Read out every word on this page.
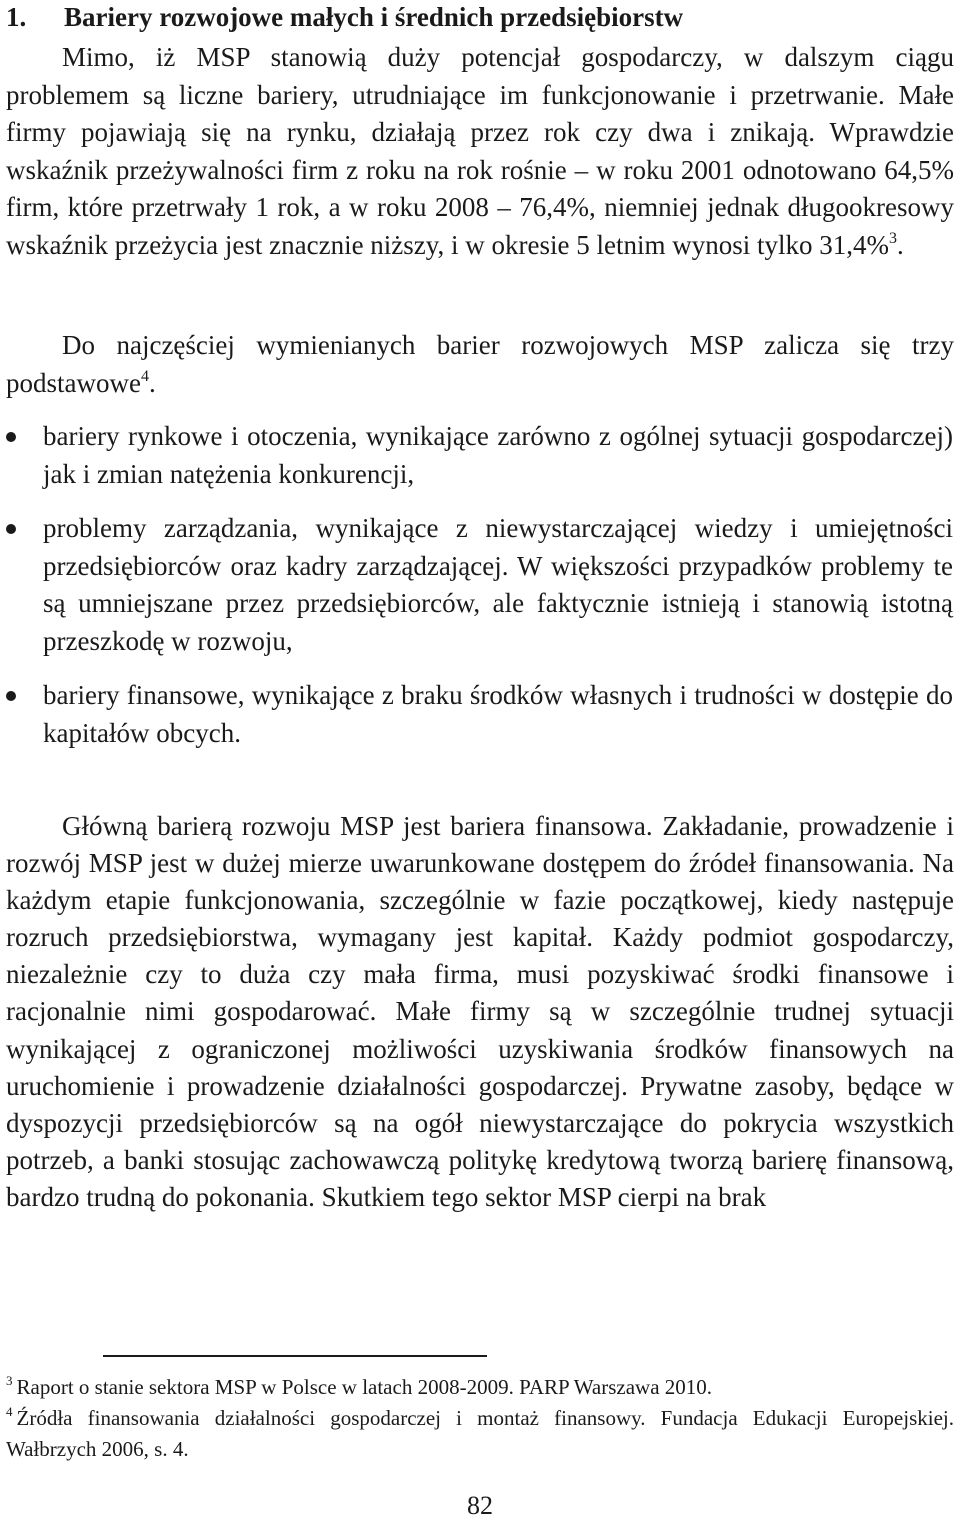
1. Bariery rozwojowe małych i średnich przedsiębiorstw

Mimo, iż MSP stanowią duży potencjał gospodarczy, w dalszym ciągu problemem są liczne bariery, utrudniające im funkcjonowanie i przetrwanie. Małe firmy pojawiają się na rynku, działają przez rok czy dwa i znikają. Wprawdzie wskaźnik przeżywalności firm z roku na rok rośnie – w roku 2001 odnotowano 64,5% firm, które przetrwały 1 rok, a w roku 2008 – 76,4%, niemniej jednak długookresowy wskaźnik przeżycia jest znacznie niższy, i w okresie 5 letnim wynosi tylko 31,4%$^3$.

Do najczęściej wymienianych barier rozwojowych MSP zalicza się trzy podstawowe$^4$.

bariery rynkowe i otoczenia, wynikające zarówno z ogólnej sytuacji gospodarczej) jak i zmian natężenia konkurencji,
problemy zarządzania, wynikające z niewystarczającej wiedzy i umiejętności przedsiębiorców oraz kadry zarządzającej. W większości przypadków problemy te są umniejszane przez przedsiębiorców, ale faktycznie istnieją i stanowią istotną przeszkodę w rozwoju,
bariery finansowe, wynikające z braku środków własnych i trudności w dostępie do kapitałów obcych.

Główną barierą rozwoju MSP jest bariera finansowa. Zakładanie, prowadzenie i rozwój MSP jest w dużej mierze uwarunkowane dostępem do źródeł finansowania. Na każdym etapie funkcjonowania, szczególnie w fazie początkowej, kiedy następuje rozruch przedsiębiorstwa, wymagany jest kapitał. Każdy podmiot gospodarczy, niezależnie czy to duża czy mała firma, musi pozyskiwać środki finansowe i racjonalnie nimi gospodarować. Małe firmy są w szczególnie trudnej sytuacji wynikającej z ograniczonej możliwości uzyskiwania środków finansowych na uruchomienie i prowadzenie działalności gospodarczej. Prywatne zasoby, będące w dyspozycji przedsiębiorców są na ogół niewystarczające do pokrycia wszystkich potrzeb, a banki stosując zachowawczą politykę kredytową tworzą barierę finansową, bardzo trudną do pokonania. Skutkiem tego sektor MSP cierpi na brak

$^3$ Raport o stanie sektora MSP w Polsce w latach 2008-2009. PARP Warszawa 2010.
$^4$ Źródła finansowania działalności gospodarczej i montaż finansowy. Fundacja Edukacji Europejskiej. Wałbrzych 2006, s. 4.
82
